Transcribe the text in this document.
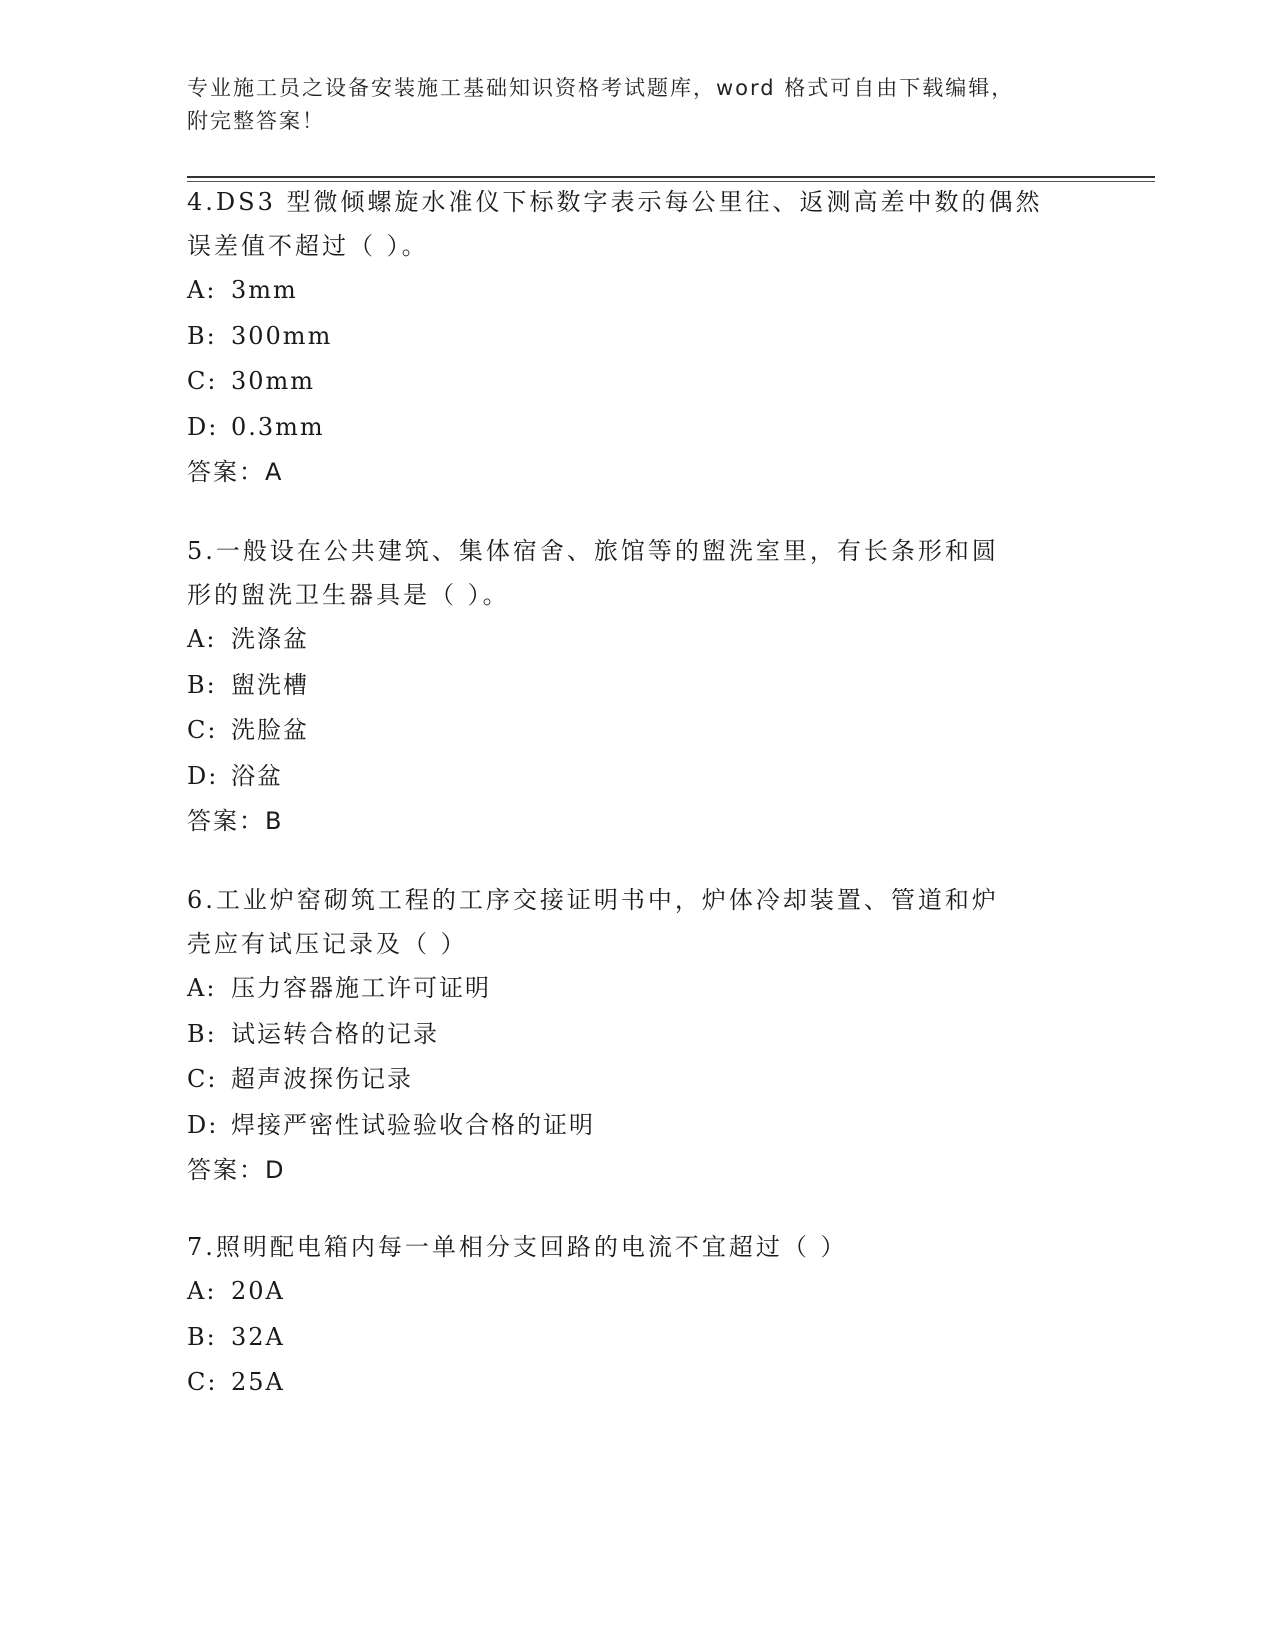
专业施工员之设备安装施工基础知识资格考试题库，word 格式可自由下载编辑，
附完整答案！

4.DS3 型微倾螺旋水准仪下标数字表示每公里往、返测高差中数的偶然

误差值不超过（ ）。

A: 3mm

B: 300mm

C: 30mm

D: 0.3mm

答案：A

5.一般设在公共建筑、集体宿舍、旅馆等的盥洗室里，有长条形和圆

形的盥洗卫生器具是（ ）。

A: 洗涤盆

B: 盥洗槽

C: 洗脸盆

D: 浴盆

答案：B

6.工业炉窑砌筑工程的工序交接证明书中，炉体冷却装置、管道和炉

壳应有试压记录及（ ）

A: 压力容器施工许可证明

B: 试运转合格的记录

C: 超声波探伤记录

D: 焊接严密性试验验收合格的证明

答案：D

7.照明配电箱内每一单相分支回路的电流不宜超过（ ）

A: 20A

B: 32A

C: 25A
